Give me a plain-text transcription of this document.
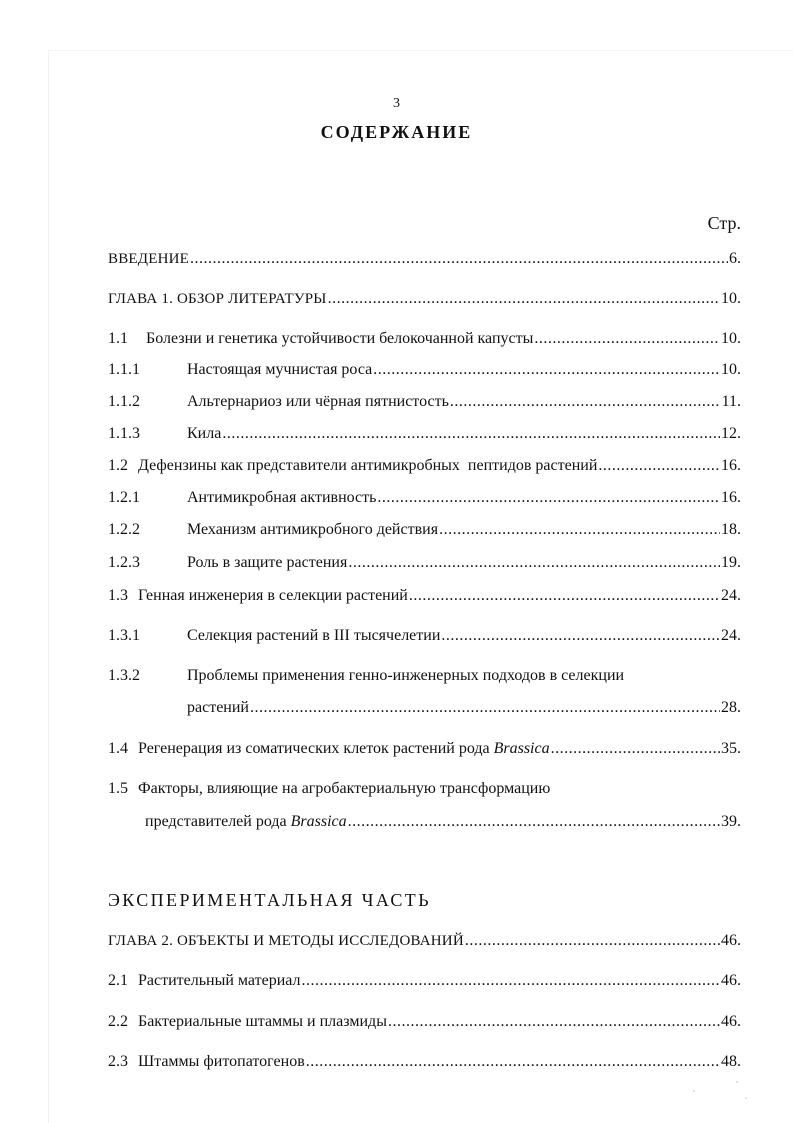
3
СОДЕРЖАНИЕ
Стр.
ВВЕДЕНИЕ .....	6.
ГЛАВА 1. ОБЗОР ЛИТЕРАТУРЫ .....	10.
1.1 Болезни и генетика устойчивости белокочанной капусты .....	10.
1.1.1	Настоящая мучнистая роса .....	10.
1.1.2	Альтернариоз или чёрная пятнистость .....	11.
1.1.3	Кила .....	12.
1.2 Дефензины как представители антимикробных  пептидов растений .....	16.
1.2.1	Антимикробная активность .....	16.
1.2.2	Механизм антимикробного действия .....	18.
1.2.3	Роль в защите растения .....	19.
1.3 Генная инженерия в селекции растений .....	24.
1.3.1	Селекция растений в III тысячелетии .....	24.
1.3.2	Проблемы применения генно-инженерных подходов в селекции
растений .....	28.
1.4 Регенерация из соматических клеток растений рода Brassica .....	35.
1.5 Факторы, влияющие на агробактериальную трансформацию
представителей рода Brassica .....	39.
ЭКСПЕРИМЕНТАЛЬНАЯ ЧАСТЬ
ГЛАВА 2. ОБЪЕКТЫ И МЕТОДЫ ИССЛЕДОВАНИЙ .....	46.
2.1 Растительный материал .....	46.
2.2 Бактериальные штаммы и плазмиды .....	46.
2.3 Штаммы фитопатогенов .....	48.
